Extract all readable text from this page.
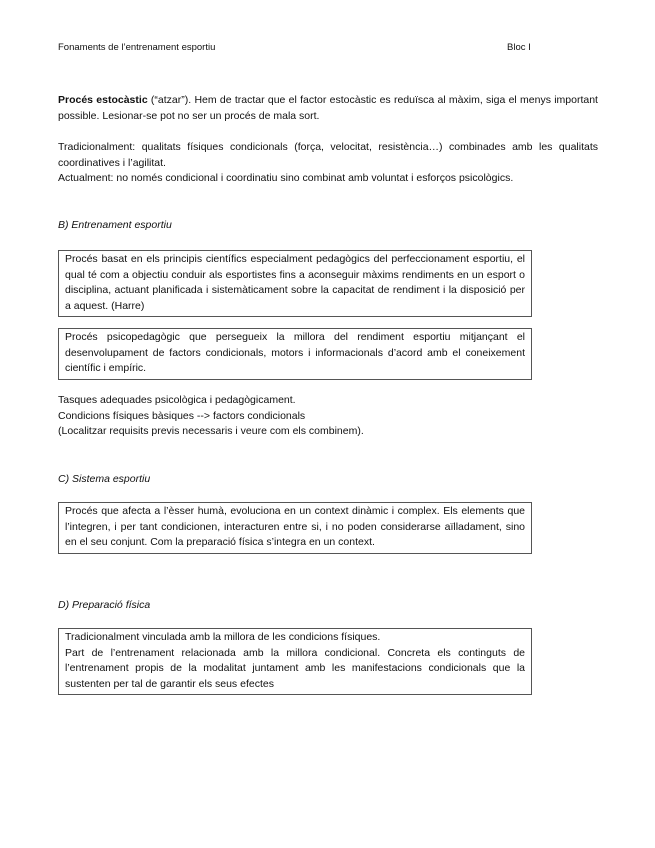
Fonaments de l’entrenament esportiu	Bloc I

Procés estocàstic (“atzar”). Hem de tractar que el factor estocàstic es reduïsca al màxim, siga el menys important possible. Lesionar-se pot no ser un procés de mala sort.

Tradicionalment: qualitats físiques condicionals (força, velocitat, resistència…) combinades amb les qualitats coordinatives i l’agilitat.

Actualment: no només condicional i coordinatiu sino combinat amb voluntat i esforços psicològics.

B) Entrenament esportiu

Procés basat en els principis científics especialment pedagògics del perfeccionament esportiu, el qual té com a objectiu conduir als esportistes fins a aconseguir màxims rendiments en un esport o disciplina, actuant planificada i sistemàticament sobre la capacitat de rendiment i la disposició per a aquest. (Harre)

Procés psicopedagògic que persegueix la millora del rendiment esportiu mitjançant el desenvolupament de factors condicionals, motors i informacionals d’acord amb el coneixement científic i empíric.

Tasques adequades psicològica i pedagògicament.
Condicions físiques bàsiques --> factors condicionals
(Localitzar requisits previs necessaris i veure com els combinem).
C) Sistema esportiu

Procés que afecta a l’èsser humà, evoluciona en un context dinàmic i complex. Els elements que l’integren, i per tant condicionen, interacturen entre si, i no poden considerarse aïlladament, sino en el seu conjunt. Com la preparació física s’integra en un context.

D) Preparació física

Tradicionalment vinculada amb la millora de les condicions físiques.

Part de l’entrenament relacionada amb la millora condicional. Concreta els continguts de l’entrenament propis de la modalitat juntament amb les manifestacions condicionals que la sustenten per tal de garantir els seus efectes
